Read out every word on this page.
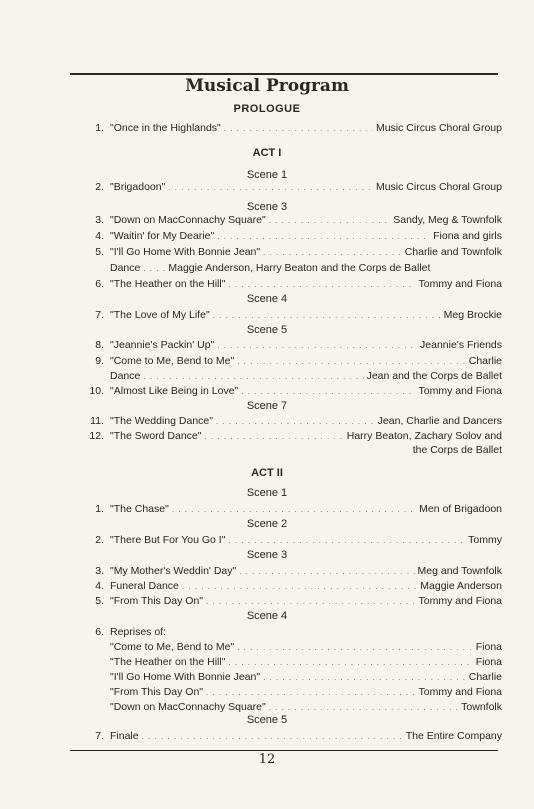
Musical Program
PROLOGUE
1. "Once in the Highlands" . . .	Music Circus Choral Group
ACT I
Scene 1
2. "Brigadoon" . . .	Music Circus Choral Group
Scene 3
3. "Down on MacConnachy Square" . . .	Sandy, Meg & Townfolk
4. "Waitin' for My Dearie" . . .	Fiona and girls
5. "I'll Go Home With Bonnie Jean" . . .	Charlie and Townfolk
Dance . . .	Maggie Anderson, Harry Beaton and the Corps de Ballet
6. "The Heather on the Hill" . . .	Tommy and Fiona
Scene 4
7. "The Love of My Life" . . .	Meg Brockie
Scene 5
8. "Jeannie's Packin' Up" . . .	Jeannie's Friends
9. "Come to Me, Bend to Me" . . .	Charlie
Dance . . .	Jean and the Corps de Ballet
10. "Almost Like Being in Love" . . .	Tommy and Fiona
Scene 7
11. "The Wedding Dance" . . .	Jean, Charlie and Dancers
12. "The Sword Dance" . . .	Harry Beaton, Zachary Solov and
the Corps de Ballet
ACT II
Scene 1
1. "The Chase" . . .	Men of Brigadoon
Scene 2
2. "There But For You Go I" . . .	Tommy
Scene 3
3. "My Mother's Weddin' Day" . . .	Meg and Townfolk
4. Funeral Dance . . .	Maggie Anderson
5. "From This Day On" . . .	Tommy and Fiona
Scene 4
6. Reprises of:
"Come to Me, Bend to Me" . . .	Fiona
"The Heather on the Hill" . . .	Fiona
"I'll Go Home With Bonnie Jean" . . .	Charlie
"From This Day On" . . .	Tommy and Fiona
"Down on MacConnachy Square" . . .	Townfolk
Scene 5
7. Finale . . .	The Entire Company
12
